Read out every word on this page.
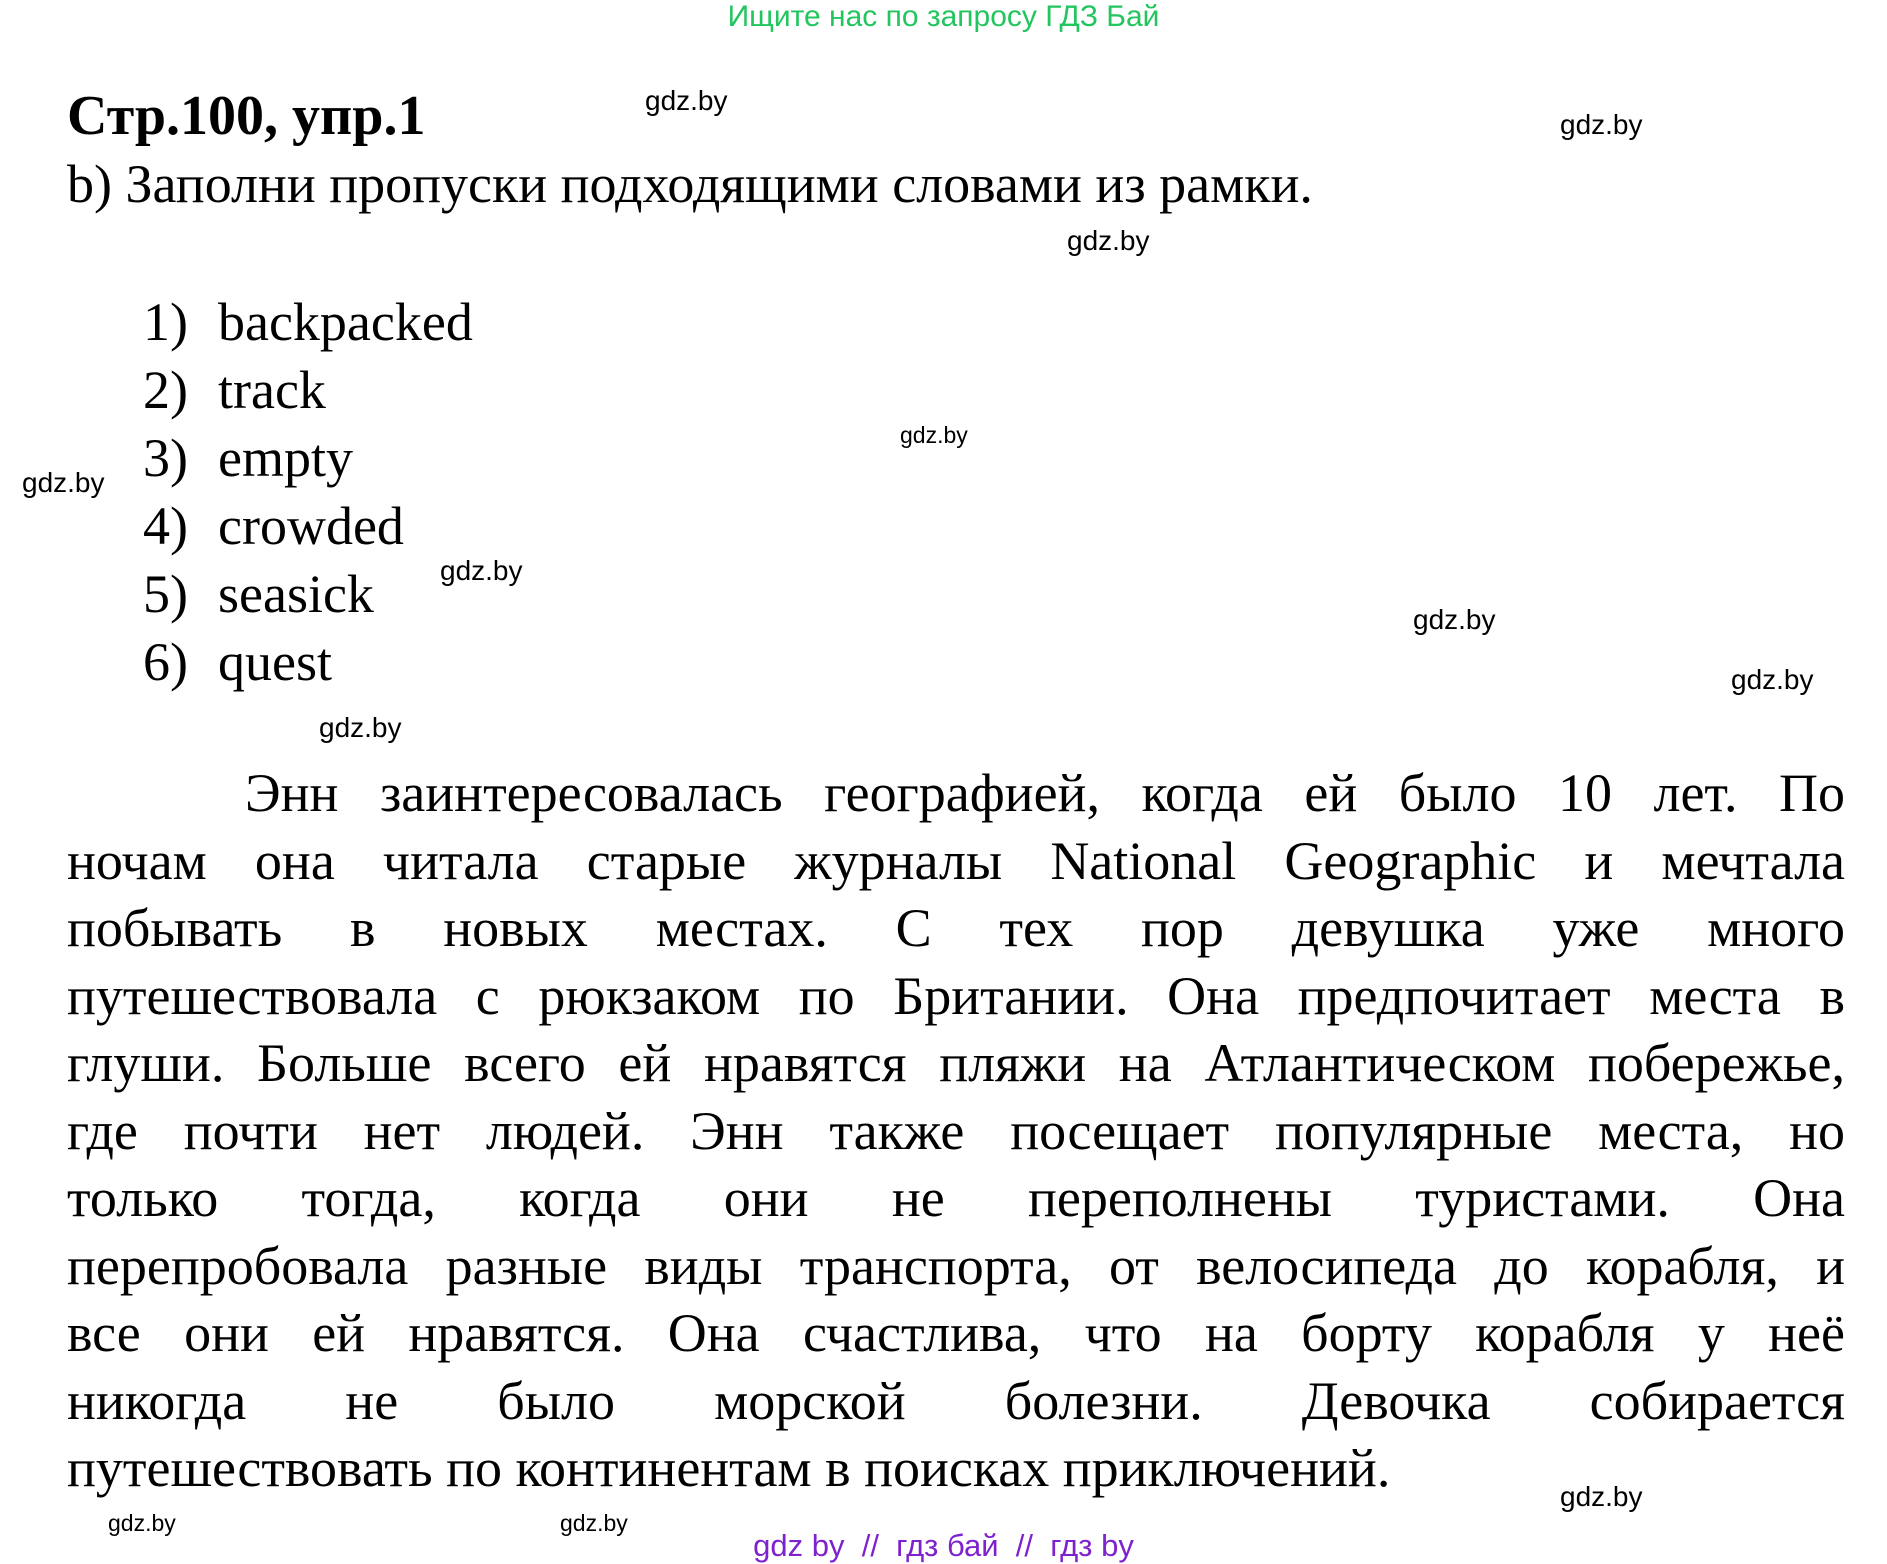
Ищите нас по запросу ГДЗ Бай
Стр.100, упр.1
b) Заполни пропуски подходящими словами из рамки.
1) backpacked
2) track
3) empty
4) crowded
5) seasick
6) quest
Энн заинтересовалась географией, когда ей было 10 лет. По
ночам она читала старые журналы National Geographic и мечтала
побывать в новых местах. С тех пор девушка уже много
путешествовала с рюкзаком по Британии. Она предпочитает места в
глуши. Больше всего ей нравятся пляжи на Атлантическом побережье,
где почти нет людей. Энн также посещает популярные места, но
только тогда, когда они не переполнены туристами. Она
перепробовала разные виды транспорта, от велосипеда до корабля, и
все они ей нравятся. Она счастлива, что на борту корабля у неё
никогда не было морской болезни. Девочка собирается
путешествовать по континентам в поисках приключений.
gdz.by
gdz.by
gdz.by
gdz.by
gdz.by
gdz.by
gdz.by
gdz.by
gdz.by
gdz.by	gdz.by
gdz.by
gdz by  //  гдз бай  //  гдз by
